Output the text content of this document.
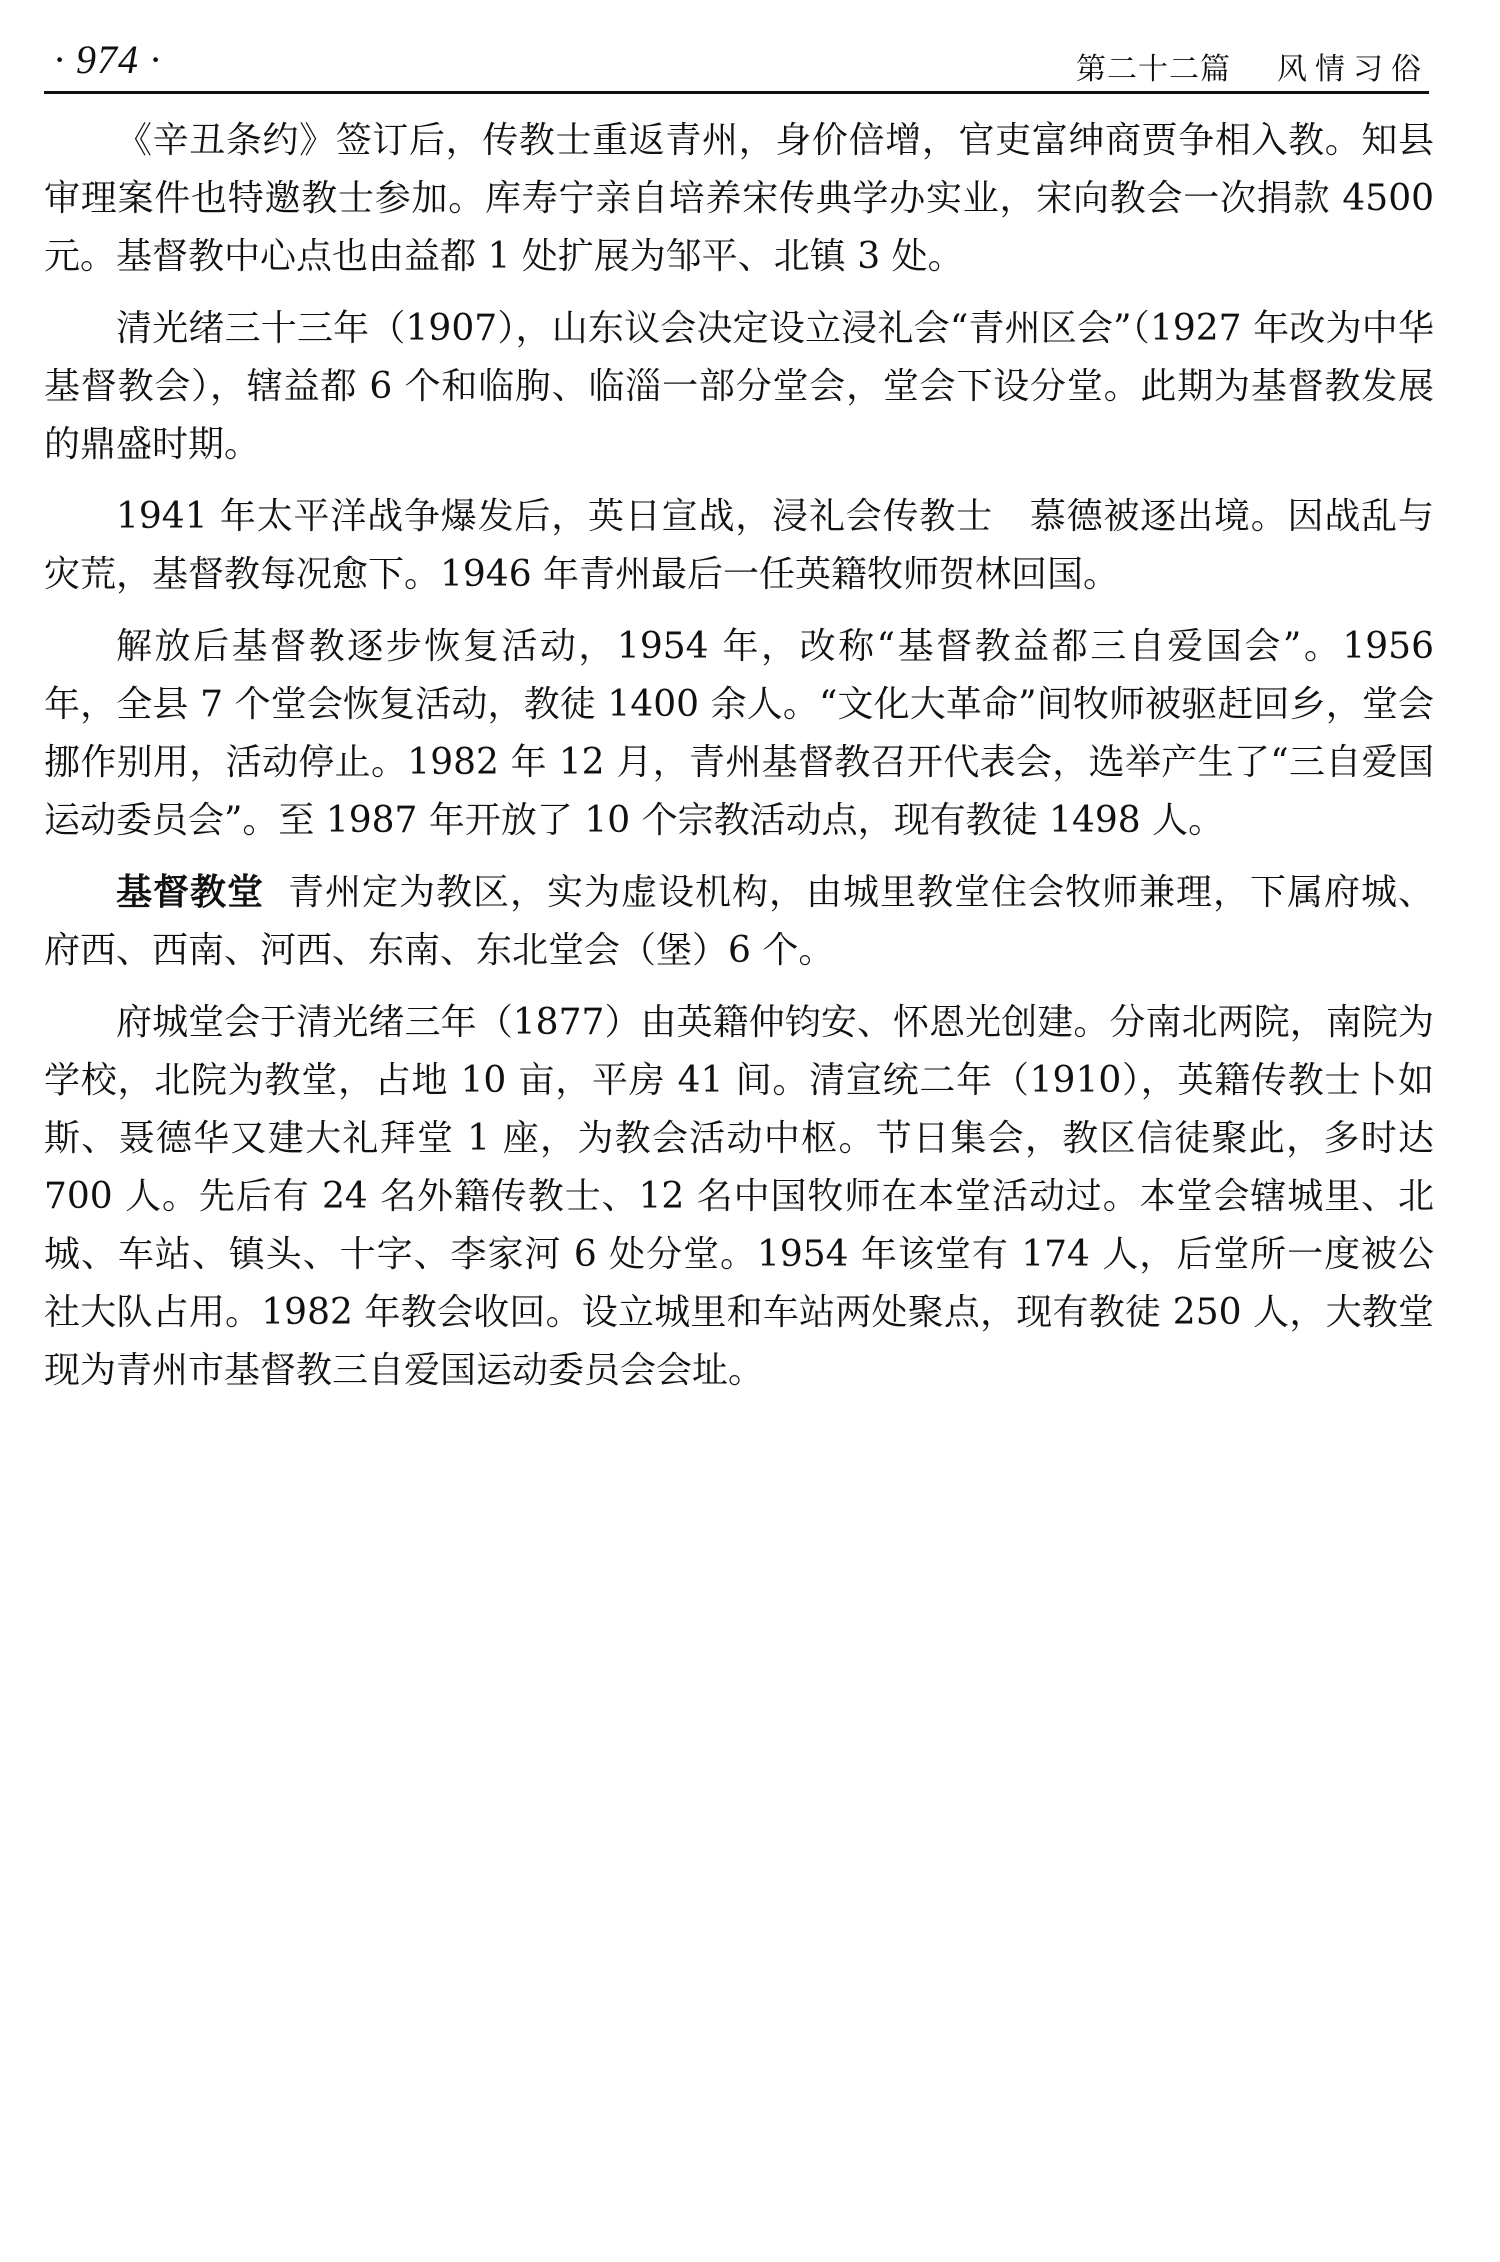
· 974 ·	第二十二篇 风情习俗

《辛丑条约》签订后，传教士重返青州，身价倍增，官吏富绅商贾争相入教。知县审理案件也特邀教士参加。库寿宁亲自培养宋传典学办实业，宋向教会一次捐款 4500 元。基督教中心点也由益都 1 处扩展为邹平、北镇 3 处。

清光绪三十三年（1907），山东议会决定设立浸礼会“青州区会”（1927 年改为中华基督教会），辖益都 6 个和临朐、临淄一部分堂会，堂会下设分堂。此期为基督教发展的鼎盛时期。

1941 年太平洋战争爆发后，英日宣战，浸礼会传教士　慕德被逐出境。因战乱与灾荒，基督教每况愈下。1946 年青州最后一任英籍牧师贺林回国。

解放后基督教逐步恢复活动，1954 年，改称“基督教益都三自爱国会”。1956 年，全县 7 个堂会恢复活动，教徒 1400 余人。“文化大革命”间牧师被驱赶回乡，堂会挪作别用，活动停止。1982 年 12 月，青州基督教召开代表会，选举产生了“三自爱国运动委员会”。至 1987 年开放了 10 个宗教活动点，现有教徒 1498 人。

基督教堂 青州定为教区，实为虚设机构，由城里教堂住会牧师兼理，下属府城、府西、西南、河西、东南、东北堂会（堡）6 个。

府城堂会于清光绪三年（1877）由英籍仲钧安、怀恩光创建。分南北两院，南院为学校，北院为教堂，占地 10 亩，平房 41 间。清宣统二年（1910），英籍传教士卜如斯、聂德华又建大礼拜堂 1 座，为教会活动中枢。节日集会，教区信徒聚此，多时达 700 人。先后有 24 名外籍传教士、12 名中国牧师在本堂活动过。本堂会辖城里、北城、车站、镇头、十字、李家河 6 处分堂。1954 年该堂有 174 人，后堂所一度被公社大队占用。1982 年教会收回。设立城里和车站两处聚点，现有教徒 250 人，大教堂现为青州市基督教三自爱国运动委员会会址。
